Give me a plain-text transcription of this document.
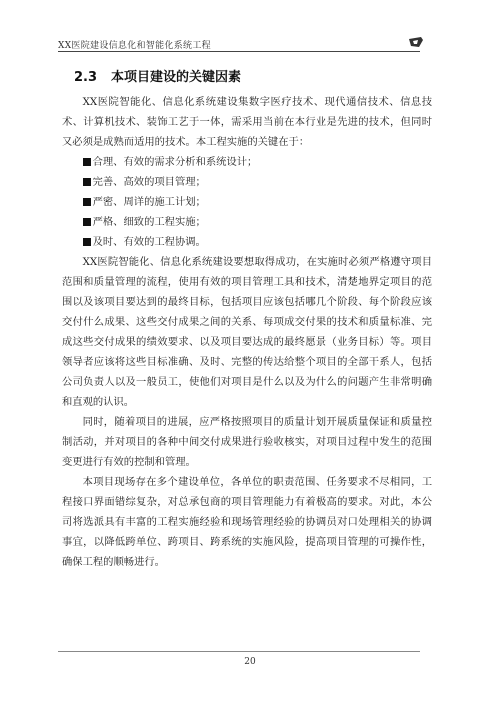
XX医院建设信息化和智能化系统工程
2.3 本项目建设的关键因素

XX医院智能化、信息化系统建设集数字医疗技术、现代通信技术、信息技术、计算机技术、装饰工艺于一体，需采用当前在本行业是先进的技术，但同时又必须是成熟而适用的技术。本工程实施的关键在于：

合理、有效的需求分析和系统设计；

完善、高效的项目管理；

严密、周详的施工计划；

严格、细致的工程实施；

及时、有效的工程协调。

XX医院智能化、信息化系统建设要想取得成功，在实施时必须严格遵守项目范围和质量管理的流程，使用有效的项目管理工具和技术，清楚地界定项目的范围以及该项目要达到的最终目标，包括项目应该包括哪几个阶段、每个阶段应该交付什么成果、这些交付成果之间的关系、每项成交付果的技术和质量标准、完成这些交付成果的绩效要求、以及项目要达成的最终愿景（业务目标）等。项目领导者应该将这些目标准确、及时、完整的传达给整个项目的全部干系人，包括公司负责人以及一般员工，使他们对项目是什么以及为什么的问题产生非常明确和直观的认识。

同时，随着项目的进展，应严格按照项目的质量计划开展质量保证和质量控制活动，并对项目的各种中间交付成果进行验收核实，对项目过程中发生的范围变更进行有效的控制和管理。

本项目现场存在多个建设单位，各单位的职责范围、任务要求不尽相同，工程接口界面错综复杂，对总承包商的项目管理能力有着极高的要求。对此，本公司将选派具有丰富的工程实施经验和现场管理经验的协调员对口处理相关的协调事宜，以降低跨单位、跨项目、跨系统的实施风险，提高项目管理的可操作性，确保工程的顺畅进行。

20
